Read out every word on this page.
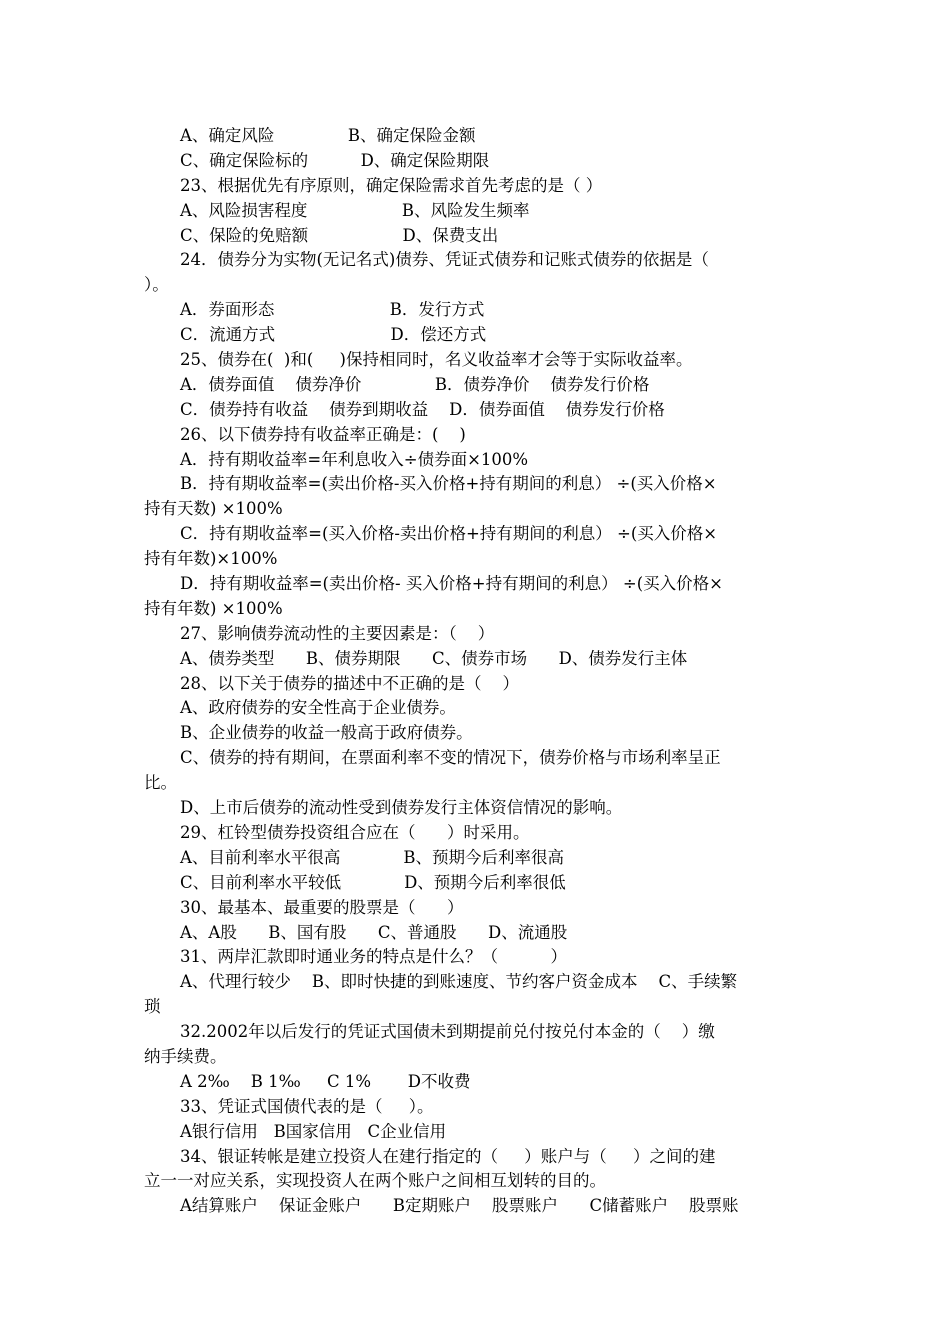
A、确定风险              B、确定保险金额
C、确定保险标的          D、确定保险期限
23、根据优先有序原则，确定保险需求首先考虑的是（ ）
A、风险损害程度                  B、风险发生频率
C、保险的免赔额                  D、保费支出
24．债券分为实物(无记名式)债券、凭证式债券和记账式债券的依据是（
）。
A．券面形态                      B．发行方式
C．流通方式                      D．偿还方式
25、债券在(  )和(     )保持相同时，名义收益率才会等于实际收益率。
A．债券面值    债券净价              B．债券净价    债券发行价格
C．债券持有收益    债券到期收益    D．债券面值    债券发行价格
26、以下债券持有收益率正确是：(    )
A．持有期收益率=年利息收入÷债券面×100%
B．持有期收益率=(卖出价格-买入价格+持有期间的利息） ÷(买入价格×
持有天数) ×100%
C．持有期收益率=(买入价格-卖出价格+持有期间的利息） ÷(买入价格×
持有年数)×100%
D．持有期收益率=(卖出价格- 买入价格+持有期间的利息） ÷(买入价格×
持有年数) ×100%
27、影响债券流动性的主要因素是：（    ）
A、债券类型      B、债券期限      C、债券市场      D、债券发行主体
28、以下关于债券的描述中不正确的是（    ）
A、政府债券的安全性高于企业债券。
B、企业债券的收益一般高于政府债券。
C、债券的持有期间，在票面利率不变的情况下，债券价格与市场利率呈正
比。
D、上市后债券的流动性受到债券发行主体资信情况的影响。
29、杠铃型债券投资组合应在（      ）时采用。
A、目前利率水平很高            B、预期今后利率很高
C、目前利率水平较低            D、预期今后利率很低
30、最基本、最重要的股票是（      ）
A、A股      B、国有股      C、普通股      D、流通股
31、两岸汇款即时通业务的特点是什么？（          ）
A、代理行较少    B、即时快捷的到账速度、节约客户资金成本    C、手续繁
琐
32.2002年以后发行的凭证式国债未到期提前兑付按兑付本金的（    ）缴
纳手续费。
A 2‰    B 1‰     C 1%       D不收费
33、凭证式国债代表的是（     ）。
A银行信用   B国家信用   C企业信用
34、银证转帐是建立投资人在建行指定的（     ）账户与（     ）之间的建
立一一对应关系，实现投资人在两个账户之间相互划转的目的。
A结算账户    保证金账户      B定期账户    股票账户      C储蓄账户    股票账
